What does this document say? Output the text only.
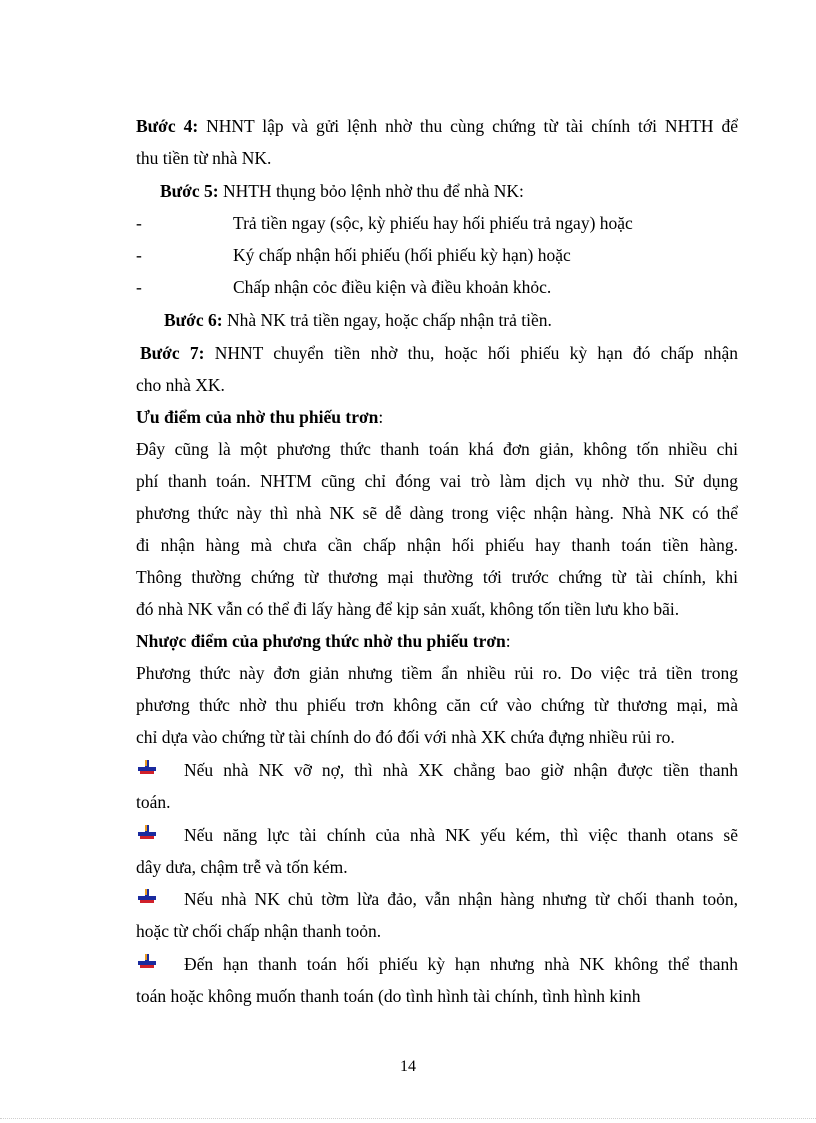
Bước 4: NHNT lập và gửi lệnh nhờ thu cùng chứng từ tài chính tới NHTH để
thu tiền từ nhà NK.
Bước 5: NHTH thụng bỏo lệnh nhờ thu để nhà NK:
-	Trả tiền ngay (sộc, kỳ phiếu hay hối phiếu trả ngay) hoặc
-	Ký chấp nhận hối phiếu (hối phiếu kỳ hạn) hoặc
-	Chấp nhận cỏc điều kiện và điều khoản khỏc.
Bước 6: Nhà NK trả tiền ngay, hoặc chấp nhận trả tiền.
Bước 7: NHNT chuyển tiền nhờ thu, hoặc hối phiếu kỳ hạn đó chấp nhận
cho nhà XK.
Ưu điểm của nhờ thu phiếu trơn:
Đây cũng là một phương thức thanh toán khá đơn giản, không tốn nhiều chi
phí thanh toán. NHTM cũng chỉ đóng vai trò làm dịch vụ nhờ thu. Sử dụng
phương thức này thì nhà NK sẽ dễ dàng trong việc nhận hàng. Nhà NK có thể
đi nhận hàng mà chưa cần chấp nhận hối phiếu hay thanh toán tiền hàng.
Thông thường chứng từ thương mại thường tới trước chứng từ tài chính, khi
đó nhà NK vẫn có thể đi lấy hàng để kịp sản xuất, không tốn tiền lưu kho bãi.
Nhược điểm của phương thức nhờ thu phiếu trơn:
Phương thức này đơn giản nhưng tiềm ẩn nhiều rủi ro. Do việc trả tiền trong
phương thức nhờ thu phiếu trơn không căn cứ vào chứng từ thương mại, mà
chỉ dựa vào chứng từ tài chính do đó đối với nhà XK chứa đựng nhiều rủi ro.
Nếu nhà NK vỡ nợ, thì nhà XK chẳng bao giờ nhận được tiền thanh
toán.
Nếu năng lực tài chính của nhà NK yếu kém, thì việc thanh otans sẽ
dây dưa, chậm trễ và tốn kém.
Nếu nhà NK chủ tờm lừa đảo, vẫn nhận hàng nhưng từ chối thanh toỏn,
hoặc từ chối chấp nhận thanh toỏn.
Đến hạn thanh toán hối phiếu kỳ hạn nhưng nhà NK không thể thanh
toán hoặc không muốn thanh toán (do tình hình tài chính, tình hình kinh
14
